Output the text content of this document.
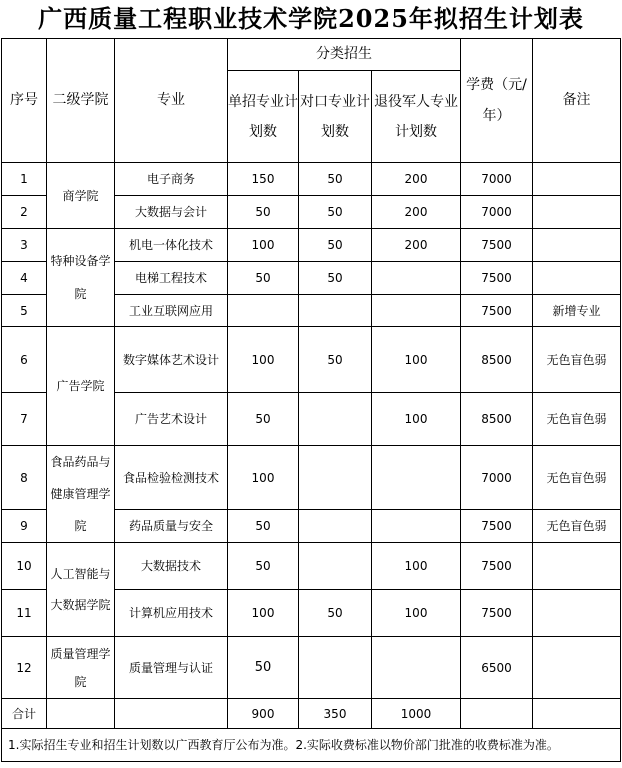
广西质量工程职业技术学院2025年拟招生计划表
序号	二级学院	专业	分类招生			学费（元/年）	备注
			单招专业计划数	对口专业计划数	退役军人专业计划数		
1	商学院	电子商务	150	50	200	7000	
2		大数据与会计	50	50	200	7000	
3	特种设备学院	机电一体化技术	100	50	200	7500	
4		电梯工程技术	50	50		7500	
5		工业互联网应用				7500	新增专业
6	广告学院	数字媒体艺术设计	100	50	100	8500	无色盲色弱
7		广告艺术设计	50		100	8500	无色盲色弱
8	食品药品与健康管理学院	食品检验检测技术	100			7000	无色盲色弱
9		药品质量与安全	50			7500	无色盲色弱
10	人工智能与大数据学院	大数据技术	50		100	7500	
11		计算机应用技术	100	50	100	7500	
12	质量管理学院	质量管理与认证	50			6500	
合计			900	350	1000		
1.实际招生专业和招生计划数以广西教育厅公布为准。2.实际收费标准以物价部门批准的收费标准为准。							
